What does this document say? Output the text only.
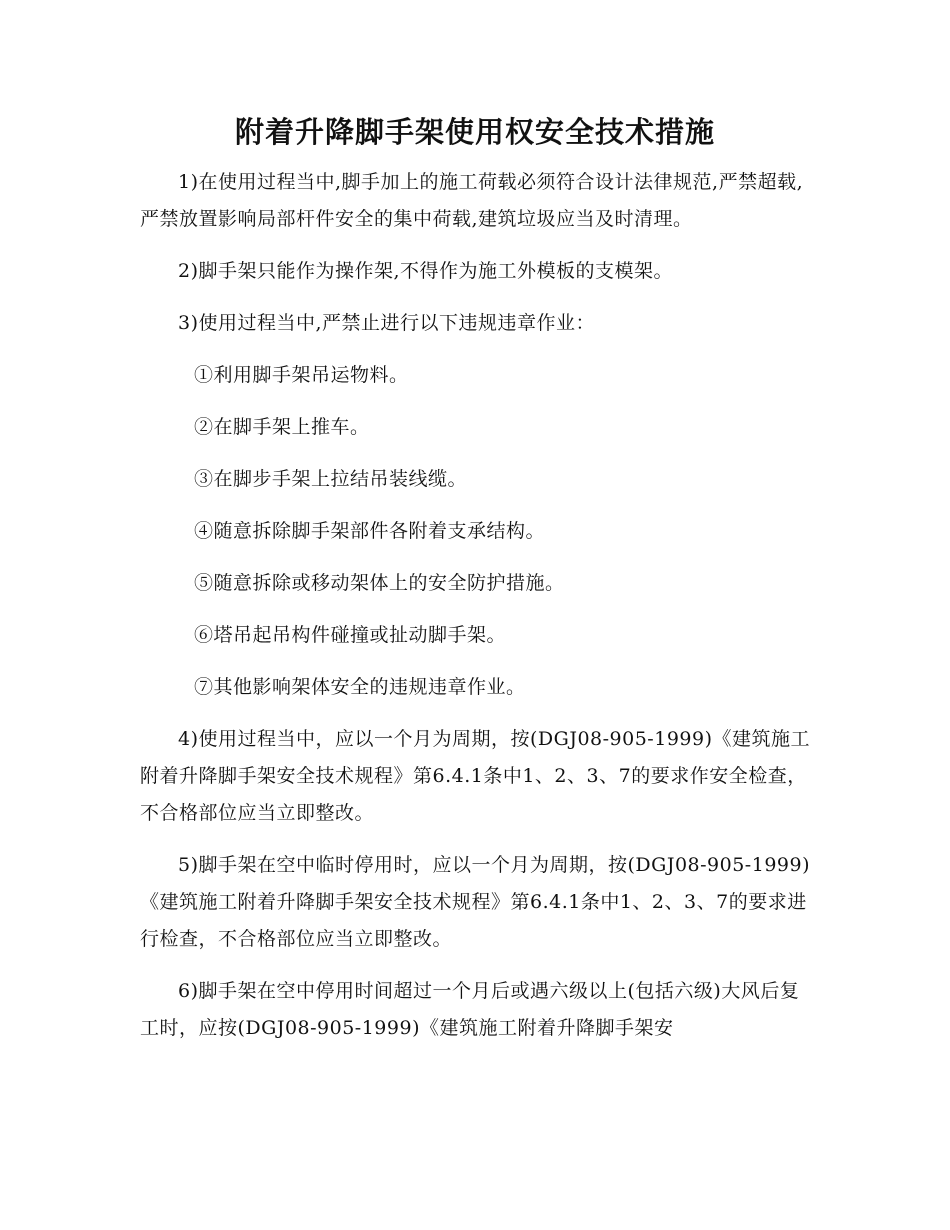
附着升降脚手架使用权安全技术措施

1)在使用过程当中,脚手加上的施工荷载必须符合设计法律规范,严禁超载,严禁放置影响局部杆件安全的集中荷载,建筑垃圾应当及时清理。

2)脚手架只能作为操作架,不得作为施工外模板的支模架。

3)使用过程当中,严禁止进行以下违规违章作业：

①利用脚手架吊运物料。

②在脚手架上推车。

③在脚步手架上拉结吊装线缆。

④随意拆除脚手架部件各附着支承结构。

⑤随意拆除或移动架体上的安全防护措施。

⑥塔吊起吊构件碰撞或扯动脚手架。

⑦其他影响架体安全的违规违章作业。

4)使用过程当中，应以一个月为周期，按(DGJ08-905-1999)《建筑施工附着升降脚手架安全技术规程》第6.4.1条中1、2、3、7的要求作安全检查，不合格部位应当立即整改。

5)脚手架在空中临时停用时，应以一个月为周期，按(DGJ08-905-1999)《建筑施工附着升降脚手架安全技术规程》第6.4.1条中1、2、3、7的要求进行检查，不合格部位应当立即整改。

6)脚手架在空中停用时间超过一个月后或遇六级以上(包括六级)大风后复工时，应按(DGJ08-905-1999)《建筑施工附着升降脚手架安
